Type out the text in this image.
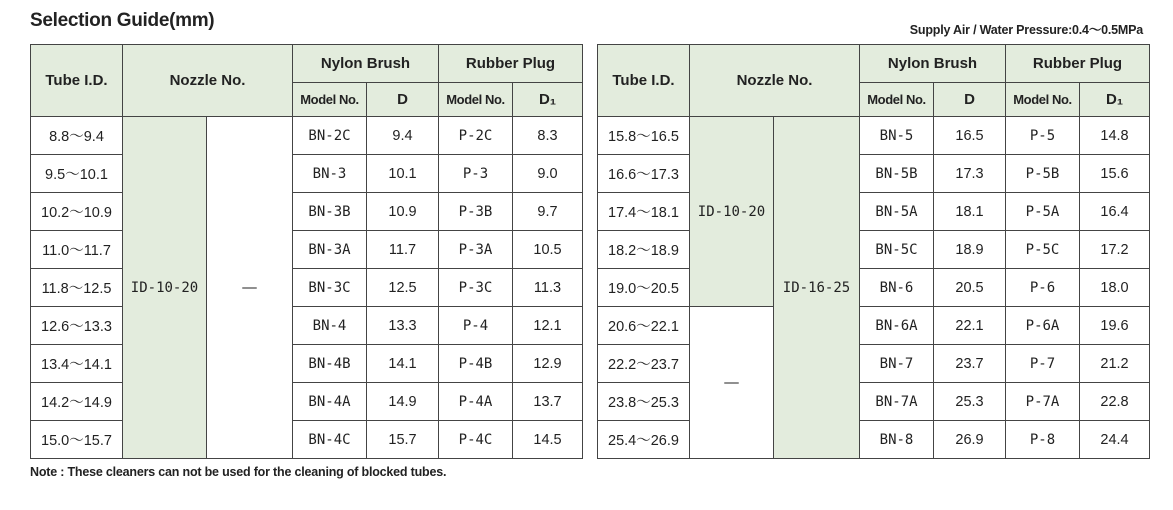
Selection Guide(mm)	Supply Air / Water Pressure:0.4～0.5MPa
Tube I.D.	Nozzle No.		Nylon Brush		Rubber Plug	
			Model No.	D	Model No.	D₁
8.8～9.4	ID-10-20	—	BN-2C	9.4	P-2C	8.3
9.5～10.1			BN-3	10.1	P-3	9.0
10.2～10.9			BN-3B	10.9	P-3B	9.7
11.0～11.7			BN-3A	11.7	P-3A	10.5
11.8～12.5			BN-3C	12.5	P-3C	11.3
12.6～13.3			BN-4	13.3	P-4	12.1
13.4～14.1			BN-4B	14.1	P-4B	12.9
14.2～14.9			BN-4A	14.9	P-4A	13.7
15.0～15.7			BN-4C	15.7	P-4C	14.5
Tube I.D.	Nozzle No.		Nylon Brush		Rubber Plug	
			Model No.	D	Model No.	D₁
15.8～16.5	ID-10-20	ID-16-25	BN-5	16.5	P-5	14.8
16.6～17.3			BN-5B	17.3	P-5B	15.6
17.4～18.1			BN-5A	18.1	P-5A	16.4
18.2～18.9			BN-5C	18.9	P-5C	17.2
19.0～20.5			BN-6	20.5	P-6	18.0
20.6～22.1	—		BN-6A	22.1	P-6A	19.6
22.2～23.7			BN-7	23.7	P-7	21.2
23.8～25.3			BN-7A	25.3	P-7A	22.8
25.4～26.9			BN-8	26.9	P-8	24.4
Note : These cleaners can not be used for the cleaning of blocked tubes.
